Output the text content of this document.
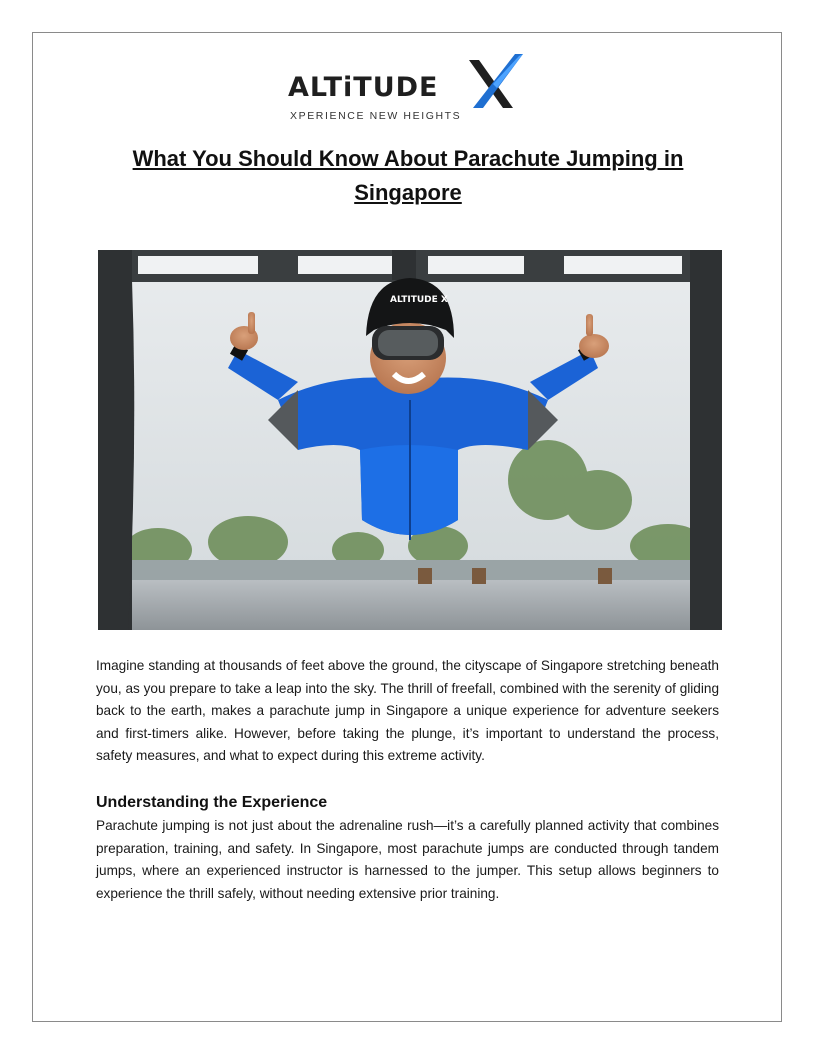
ALTiTUDE
XPERIENCE NEW HEIGHTS
What You Should Know About Parachute Jumping in Singapore
ALTITUDE X

Imagine standing at thousands of feet above the ground, the cityscape of Singapore stretching beneath you, as you prepare to take a leap into the sky. The thrill of freefall, combined with the serenity of gliding back to the earth, makes a parachute jump in Singapore a unique experience for adventure seekers and first-timers alike. However, before taking the plunge, it’s important to understand the process, safety measures, and what to expect during this extreme activity.

Understanding the Experience

Parachute jumping is not just about the adrenaline rush—it’s a carefully planned activity that combines preparation, training, and safety. In Singapore, most parachute jumps are conducted through tandem jumps, where an experienced instructor is harnessed to the jumper. This setup allows beginners to experience the thrill safely, without needing extensive prior training.
